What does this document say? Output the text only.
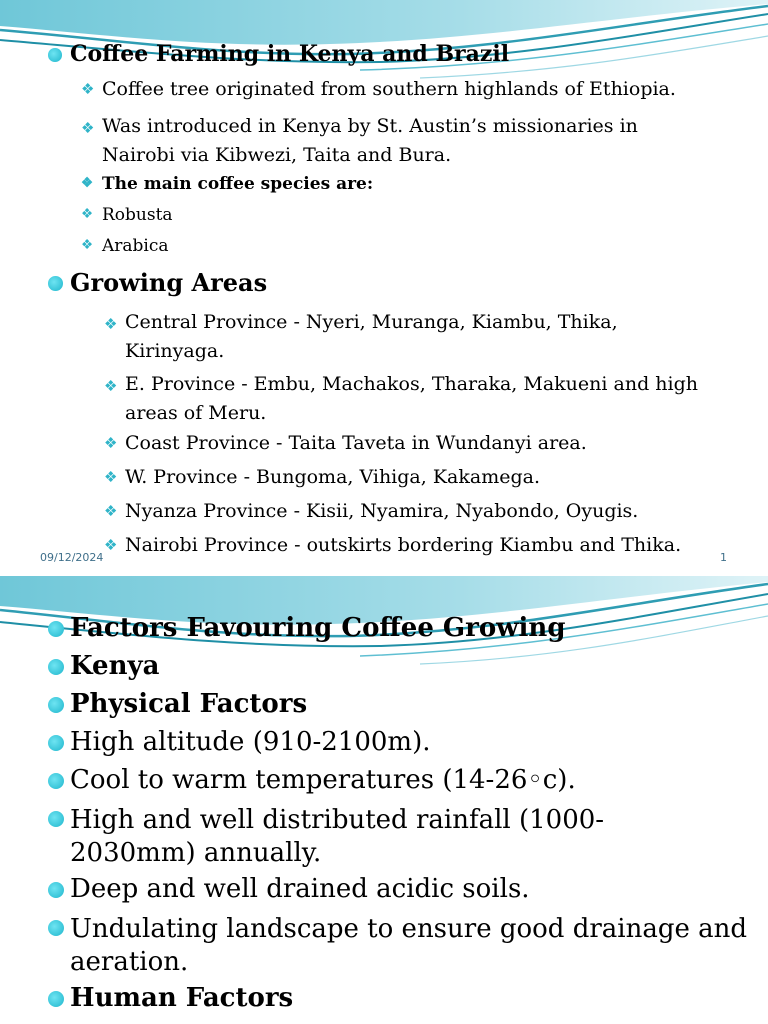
Coffee Farming in Kenya and Brazil
❖ Coffee tree originated from southern highlands of Ethiopia.
❖ Was introduced in Kenya by St. Austin’s missionaries in Nairobi via Kibwezi, Taita and Bura.
❖ The main coffee species are:
❖ Robusta
❖ Arabica
Growing Areas
❖ Central Province - Nyeri, Muranga, Kiambu, Thika, Kirinyaga.
❖ E. Province - Embu, Machakos, Tharaka, Makueni and high areas of Meru.
❖ Coast Province - Taita Taveta in Wundanyi area.
❖ W. Province - Bungoma, Vihiga, Kakamega.
❖ Nyanza Province - Kisii, Nyamira, Nyabondo, Oyugis.
❖ Nairobi Province - outskirts bordering Kiambu and Thika.
09/12/2024	1
Factors Favouring Coffee Growing
Kenya
Physical Factors
High altitude (910-2100m).
Cool to warm temperatures (14-26◦c).
High and well distributed rainfall (1000-2030mm) annually.
Deep and well drained acidic soils.
Undulating landscape to ensure good drainage and aeration.
Human Factors
